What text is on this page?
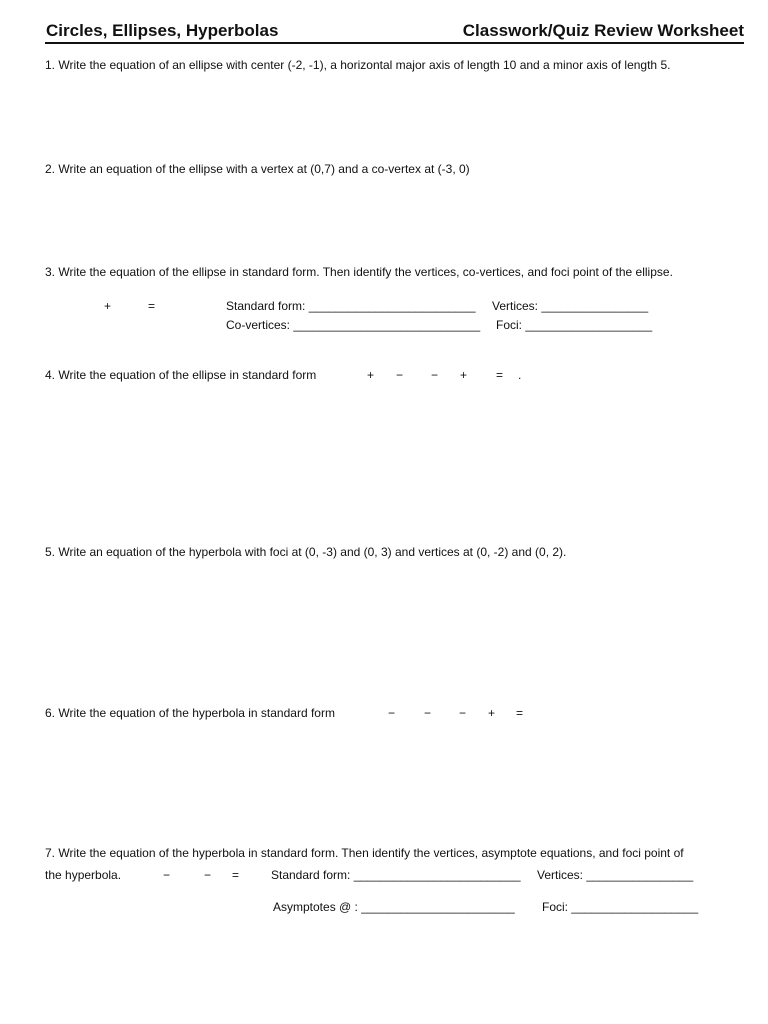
Circles, Ellipses, Hyperbolas	Classwork/Quiz Review Worksheet
1. Write the equation of an ellipse with center (-2, -1), a horizontal major axis of length 10 and a minor axis of length 5.
2. Write an equation of the ellipse with a vertex at (0,7) and a co-vertex at (-3, 0)
3. Write the equation of the ellipse in standard form. Then identify the vertices, co-vertices, and foci point of the ellipse.
+	=	Standard form: _________________________ Vertices: ________________
Co-vertices: ____________________________ Foci: ___________________
4. Write the equation of the ellipse in standard form	+ − − + = .
5. Write an equation of the hyperbola with foci at (0, -3) and (0, 3) and vertices at (0, -2) and (0, 2).
6. Write the equation of the hyperbola in standard form	− − − + =
7. Write the equation of the hyperbola in standard form. Then identify the vertices, asymptote equations, and foci point of
the hyperbola.	−	− =	Standard form: _________________________ Vertices: ________________
Asymptotes @ : _______________________ Foci: ___________________
